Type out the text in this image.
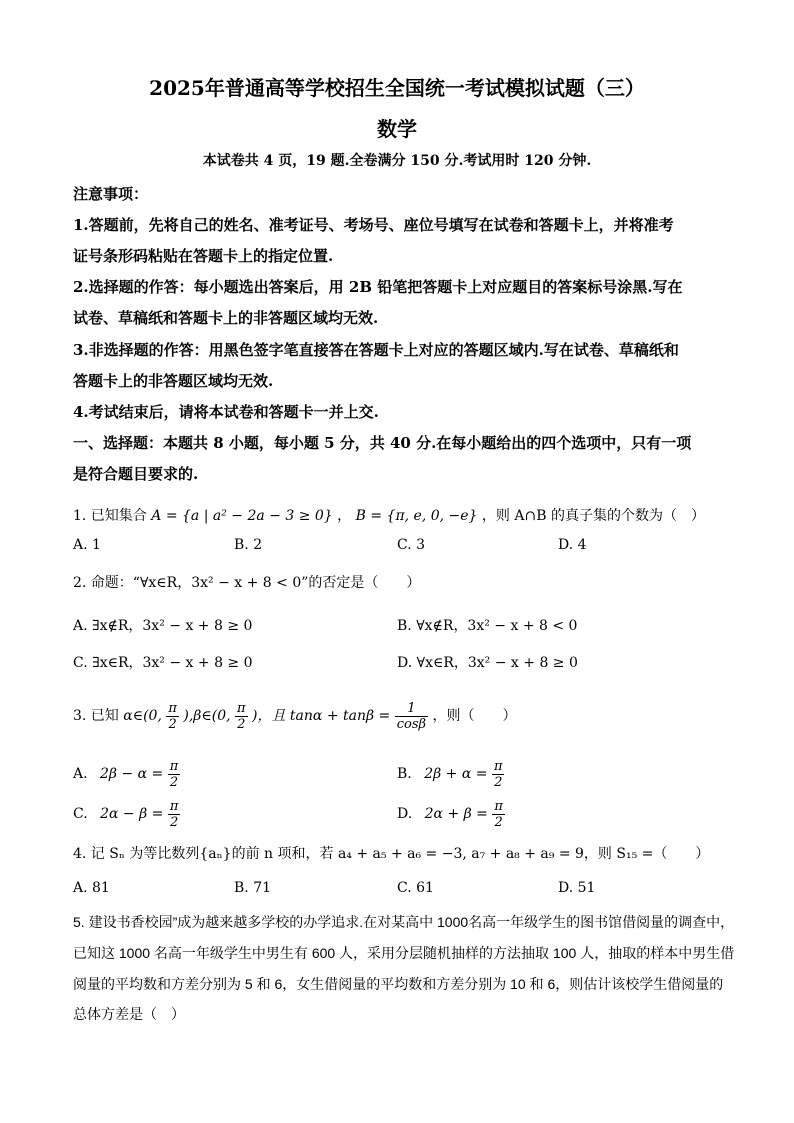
2025年普通高等学校招生全国统一考试模拟试题（三）
数学
本试卷共 4 页，19 题.全卷满分 150 分.考试用时 120 分钟.
注意事项：
1.答题前，先将自己的姓名、准考证号、考场号、座位号填写在试卷和答题卡上，并将准考
证号条形码粘贴在答题卡上的指定位置.
2.选择题的作答：每小题选出答案后，用 2B 铅笔把答题卡上对应题目的答案标号涂黑.写在
试卷、草稿纸和答题卡上的非答题区域均无效.
3.非选择题的作答：用黑色签字笔直接答在答题卡上对应的答题区域内.写在试卷、草稿纸和
答题卡上的非答题区域均无效.
4.考试结束后，请将本试卷和答题卡一并上交.
一、选择题：本题共 8 小题，每小题 5 分，共 40 分.在每小题给出的四个选项中，只有一项
是符合题目要求的.
1. 已知集合 A = {a | a² − 2a − 3 ≥ 0} ， B = {π, e, 0, −e} ，则 A∩B 的真子集的个数为（　）
A. 1	B. 2	C. 3	D. 4
2. 命题：“∀x∈R，3x² − x + 8 < 0”的否定是（　　）
A. ∃x∉R，3x² − x + 8 ≥ 0	B. ∀x∉R，3x² − x + 8 < 0
C. ∃x∈R，3x² − x + 8 ≥ 0	D. ∀x∈R，3x² − x + 8 ≥ 0
3. 已知 α∈(0, $\frac{\pi}{2}$ ),β∈(0, $\frac{\pi}{2}$ )，且 $\tan\alpha + \tan\beta = \frac{1}{\cos\beta}$ ，则（　　）
A. $2\beta - \alpha = \frac{\pi}{2}$	B. $2\beta + \alpha = \frac{\pi}{2}$
C. $2\alpha - \beta = \frac{\pi}{2}$	D. $2\alpha + \beta = \frac{\pi}{2}$
4. 记 Sₙ 为等比数列{aₙ}的前 n 项和，若 a₄ + a₅ + a₆ = −3, a₇ + a₈ + a₉ = 9，则 S₁₅ =（　　）
A. 81	B. 71	C. 61	D. 51
5. 建设书香校园”成为越来越多学校的办学追求.在对某高中 1000名高一年级学生的图书馆借阅量的调查中，
已知这 1000 名高一年级学生中男生有 600 人，采用分层随机抽样的方法抽取 100 人，抽取的样本中男生借
阅量的平均数和方差分别为 5 和 6，女生借阅量的平均数和方差分别为 10 和 6，则估计该校学生借阅量的
总体方差是（　）
